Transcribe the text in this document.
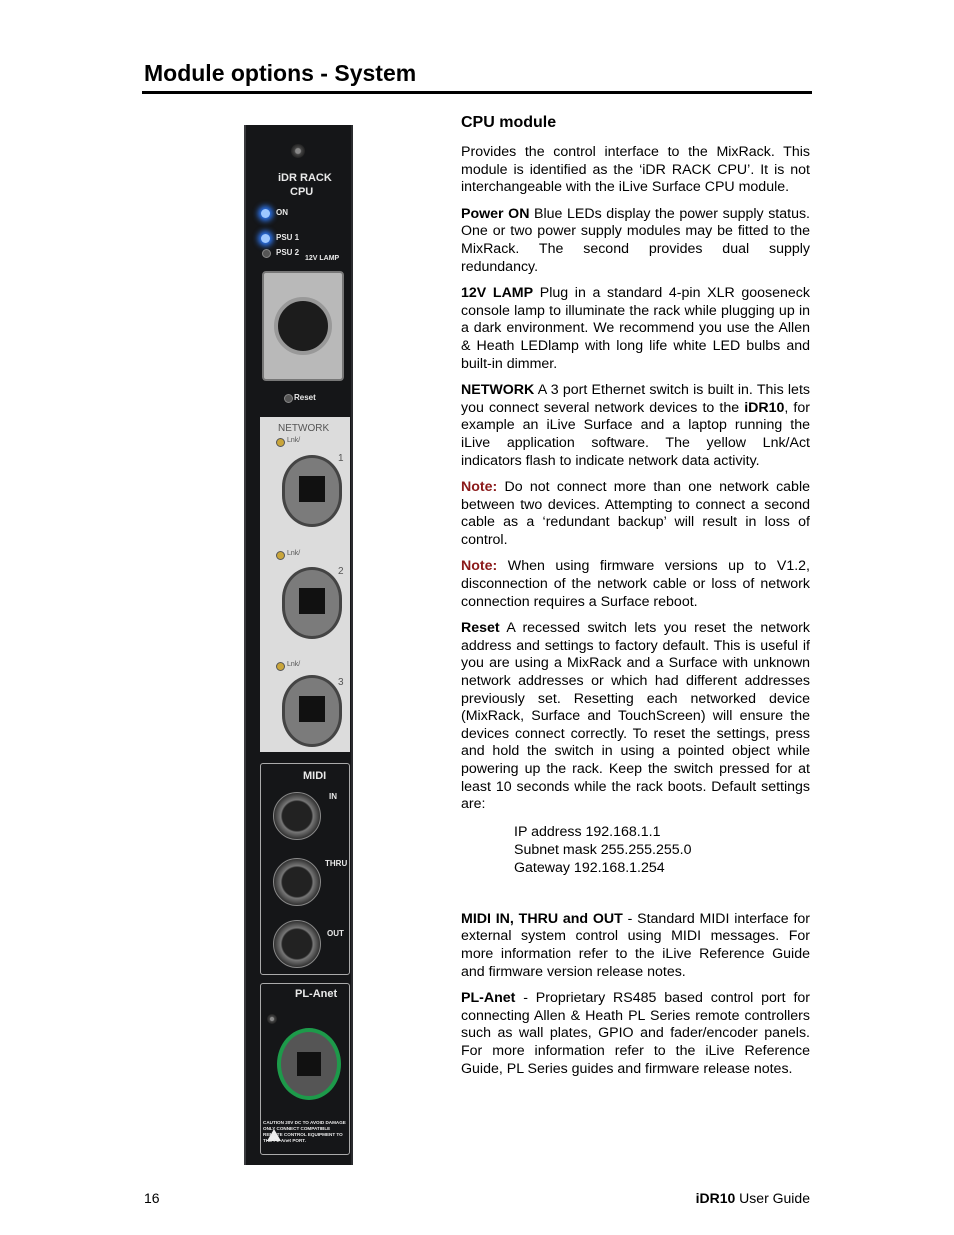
Module options - System
iDR RACK
CPU
ON
PSU 1
PSU 2
12V LAMP
Reset
NETWORK
Lnk/
1
Lnk/
2
Lnk/
3
MIDI
IN
THRU
OUT
PL-Anet
CAUTION 20V DC TO AVOID DAMAGE ONLY CONNECT COMPATIBLE REMOTE CONTROL EQUIPMENT TO THE PL-Anet PORT.
CPU module

Provides the control interface to the MixRack. This module is identified as the ‘iDR RACK CPU’. It is not interchangeable with the iLive Surface CPU module.

Power ON Blue LEDs display the power supply status. One or two power supply modules may be fitted to the MixRack. The second provides dual supply redundancy.

12V LAMP Plug in a standard 4-pin XLR gooseneck console lamp to illuminate the rack while plugging up in a dark environment. We recommend you use the Allen & Heath LEDlamp with long life white LED bulbs and built-in dimmer.

NETWORK A 3 port Ethernet switch is built in. This lets you connect several network devices to the iDR10, for example an iLive Surface and a laptop running the iLive application software. The yellow Lnk/Act indicators flash to indicate network data activity.

Note: Do not connect more than one network cable between two devices. Attempting to connect a second cable as a ‘redundant backup’ will result in loss of control.

Note: When using firmware versions up to V1.2, disconnection of the network cable or loss of network connection requires a Surface reboot.

Reset A recessed switch lets you reset the network address and settings to factory default. This is useful if you are using a MixRack and a Surface with unknown network addresses or which had different addresses previously set. Resetting each networked device (MixRack, Surface and TouchScreen) will ensure the devices connect correctly. To reset the settings, press and hold the switch in using a pointed object while powering up the rack. Keep the switch pressed for at least 10 seconds while the rack boots. Default settings are:

IP address 192.168.1.1
Subnet mask 255.255.255.0
Gateway 192.168.1.254

MIDI IN, THRU and OUT - Standard MIDI interface for external system control using MIDI messages. For more information refer to the iLive Reference Guide and firmware version release notes.

PL-Anet - Proprietary RS485 based control port for connecting Allen & Heath PL Series remote controllers such as wall plates, GPIO and fader/encoder panels. For more information refer to the iLive Reference Guide, PL Series guides and firmware release notes.

16	iDR10 User Guide
